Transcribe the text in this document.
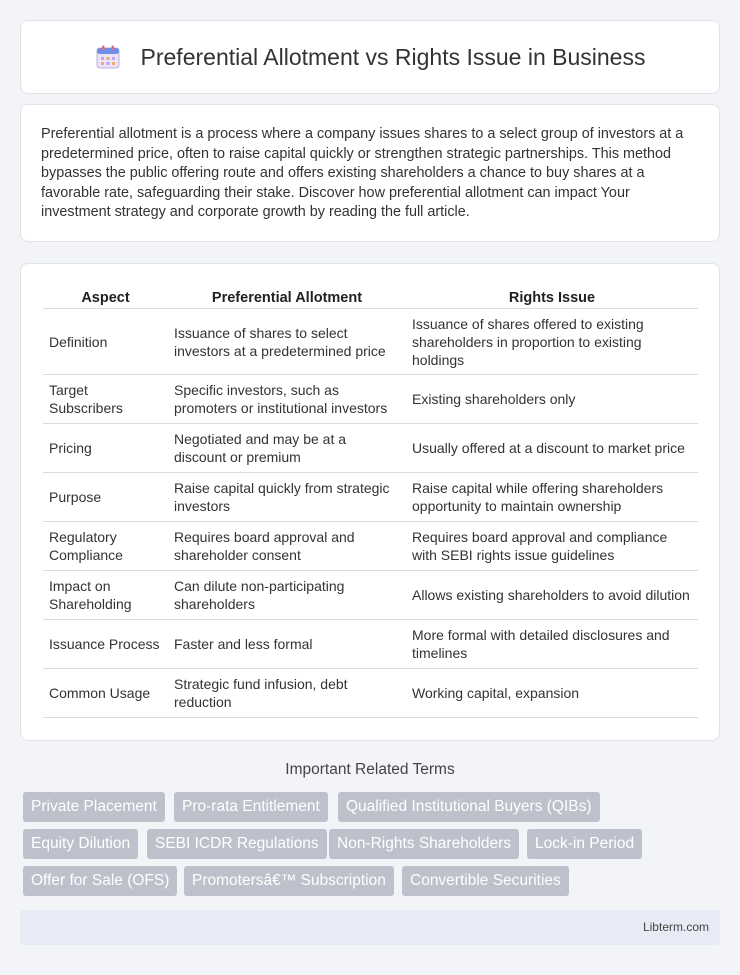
Preferential Allotment vs Rights Issue in Business

Preferential allotment is a process where a company issues shares to a select group of investors at a predetermined price, often to raise capital quickly or strengthen strategic partnerships. This method bypasses the public offering route and offers existing shareholders a chance to buy shares at a favorable rate, safeguarding their stake. Discover how preferential allotment can impact Your investment strategy and corporate growth by reading the full article.

Aspect	Preferential Allotment	Rights Issue
Definition	Issuance of shares to select investors at a predetermined price	Issuance of shares offered to existing shareholders in proportion to existing holdings
Target Subscribers	Specific investors, such as promoters or institutional investors	Existing shareholders only
Pricing	Negotiated and may be at a discount or premium	Usually offered at a discount to market price
Purpose	Raise capital quickly from strategic investors	Raise capital while offering shareholders opportunity to maintain ownership
Regulatory Compliance	Requires board approval and shareholder consent	Requires board approval and compliance with SEBI rights issue guidelines
Impact on Shareholding	Can dilute non-participating shareholders	Allows existing shareholders to avoid dilution
Issuance Process	Faster and less formal	More formal with detailed disclosures and timelines
Common Usage	Strategic fund infusion, debt reduction	Working capital, expansion
Important Related Terms
Private Placement	Pro-rata Entitlement	Qualified Institutional Buyers (QIBs)
Equity Dilution	SEBI ICDR Regulations	Non-Rights Shareholders	Lock-in Period
Offer for Sale (OFS)	Promotersâ€™ Subscription	Convertible Securities
Libterm.com
